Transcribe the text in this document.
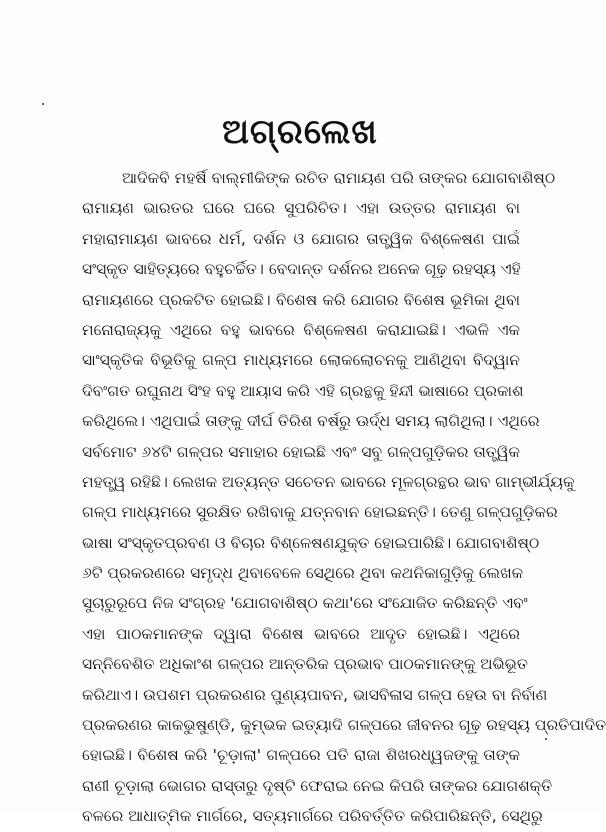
ଅଗ୍ରଲେଖ
ଆଦିକବି ମହର୍ଷି ବାଲ୍ମୀକିଙ୍କ ରଚିତ ରାମାୟଣ ପରି ତାଙ୍କର ଯୋଗବାଶିଷ୍ଠ
ରାମାୟଣ ଭାରତର ଘରେ ଘରେ ସୁପରିଚିତ। ଏହା ଉତ୍ତର ରାମାୟଣ ବା
ମହାରାମାୟଣ ଭାବରେ ଧର୍ମ, ଦର୍ଶନ ଓ ଯୋଗର ତାତ୍ତ୍ୱିକ ବିଶ୍ଳେଷଣ ପାଇଁ
ସଂସ୍କୃତ ସାହିତ୍ୟରେ ବହୁଚର୍ଚ୍ଚିତ। ବେଦାନ୍ତ ଦର୍ଶନର ଅନେକ ଗୂଢ଼ ରହସ୍ୟ ଏହି
ରାମାୟଣରେ ପ୍ରକଟିତ ହୋଇଛି। ବିଶେଷ କରି ଯୋଗର ବିଶେଷ ଭୂମିକା ଥିବା
ମନୋରାଜ୍ୟକୁ ଏଥିରେ ବହୁ ଭାବରେ ବିଶ୍ଳେଷଣ କରାଯାଇଛି। ଏଭଳି ଏକ
ସାଂସ୍କୃତିକ ବିଭୂତିକୁ ଗଳ୍ପ ମାଧ୍ୟମରେ ଲୋକଲୋଚନକୁ ଆଣିଥିବା ବିଦ୍ୱାନ
ଦିବଂଗତ ରଘୁନାଥ ସିଂହ ବହୁ ଆୟାସ କରି ଏହି ଗ୍ରନ୍ଥକୁ ହିନ୍ଦୀ ଭାଷାରେ ପ୍ରକାଶ
କରିଥିଲେ। ଏଥିପାଇଁ ତାଙ୍କୁ ଦୀର୍ଘ ତିରିଶ ବର୍ଷରୁ ଊର୍ଦ୍ଧ ସମୟ ଲାଗିଥିଲା। ଏଥିରେ
ସର୍ବମୋଟ ୬୪ଟି ଗଳ୍ପର ସମାହାର ହୋଇଛି ଏବଂ ସବୁ ଗଳ୍ପଗୁଡ଼ିକର ତାତ୍ତ୍ୱିକ
ମହତ୍ତ୍ୱ ରହିଛି। ଲେଖକ ଅତ୍ୟନ୍ତ ସଚେତନ ଭାବରେ ମୂଳଗ୍ରନ୍ଥର ଭାବ ଗାମ୍ଭୀର୍ଯ୍ୟକୁ
ଗଳ୍ପ ମାଧ୍ୟମରେ ସୁରକ୍ଷିତ ରଖିବାକୁ ଯତ୍ନବାନ ହୋଇଛନ୍ତି। ତେଣୁ ଗଳ୍ପଗୁଡ଼ିକର
ଭାଷା ସଂସ୍କୃତପ୍ରବଣ ଓ ବିଚାର ବିଶ୍ଳେଷଣଯୁକ୍ତ ହୋଇପାରିଛି। ଯୋଗବାଶିଷ୍ଠ
୬ଟି ପ୍ରକରଣରେ ସମୃଦ୍ଧ ଥିବାବେଳେ ସେଥିରେ ଥିବା କଥନିକାଗୁଡ଼ିକୁ ଲେଖକ
ସୁଚାରୁରୂପେ ନିଜ ସଂଗ୍ରହ 'ଯୋଗବାଶିଷ୍ଠ କଥା'ରେ ସଂଯୋଜିତ କରିଛନ୍ତି ଏବଂ
ଏହା ପାଠକମାନଙ୍କ ଦ୍ୱାରା ବିଶେଷ ଭାବରେ ଆଦୃତ ହୋଇଛି। ଏଥିରେ
ସନ୍ନିବେଶିତ ଅଧିକାଂଶ ଗଳ୍ପର ଆନ୍ତରିକ ପ୍ରଭାବ ପାଠକମାନଙ୍କୁ ଅଭିଭୂତ
କରିଥାଏ। ଉପଶମ ପ୍ରକରଣର ପୁଣ୍ୟପାବନ, ଭାସବିଳାସ ଗଳ୍ପ ହେଉ ବା ନିର୍ବାଣ
ପ୍ରକରଣର କାକଭୁଷୁଣ୍ଡି, କୁମ୍ଭକ ଇତ୍ୟାଦି ଗଳ୍ପରେ ଜୀବନର ଗୂଢ଼ ରହସ୍ୟ ପ୍ରତିପାଦିତ
ହୋଇଛି। ବିଶେଷ କରି 'ଚୂଡ଼ାଲା' ଗଳ୍ପରେ ପତି ରାଜା ଶିଖରଧ୍ୱଜଙ୍କୁ ତାଙ୍କ
ରାଣୀ ଚୂଡ଼ାଲା ଭୋଗର ରାସ୍ତାରୁ ଦୃଷ୍ଟି ଫେରାଇ ନେଇ କିପରି ତାଙ୍କର ଯୋଗଶକ୍ତି
ବଳରେ ଆଧାତ୍ମିକ ମାର୍ଗରେ, ସତ୍ୟମାର୍ଗରେ ପରିବର୍ତ୍ତିତ କରିପାରିଛନ୍ତି, ସେଥିରୁ
